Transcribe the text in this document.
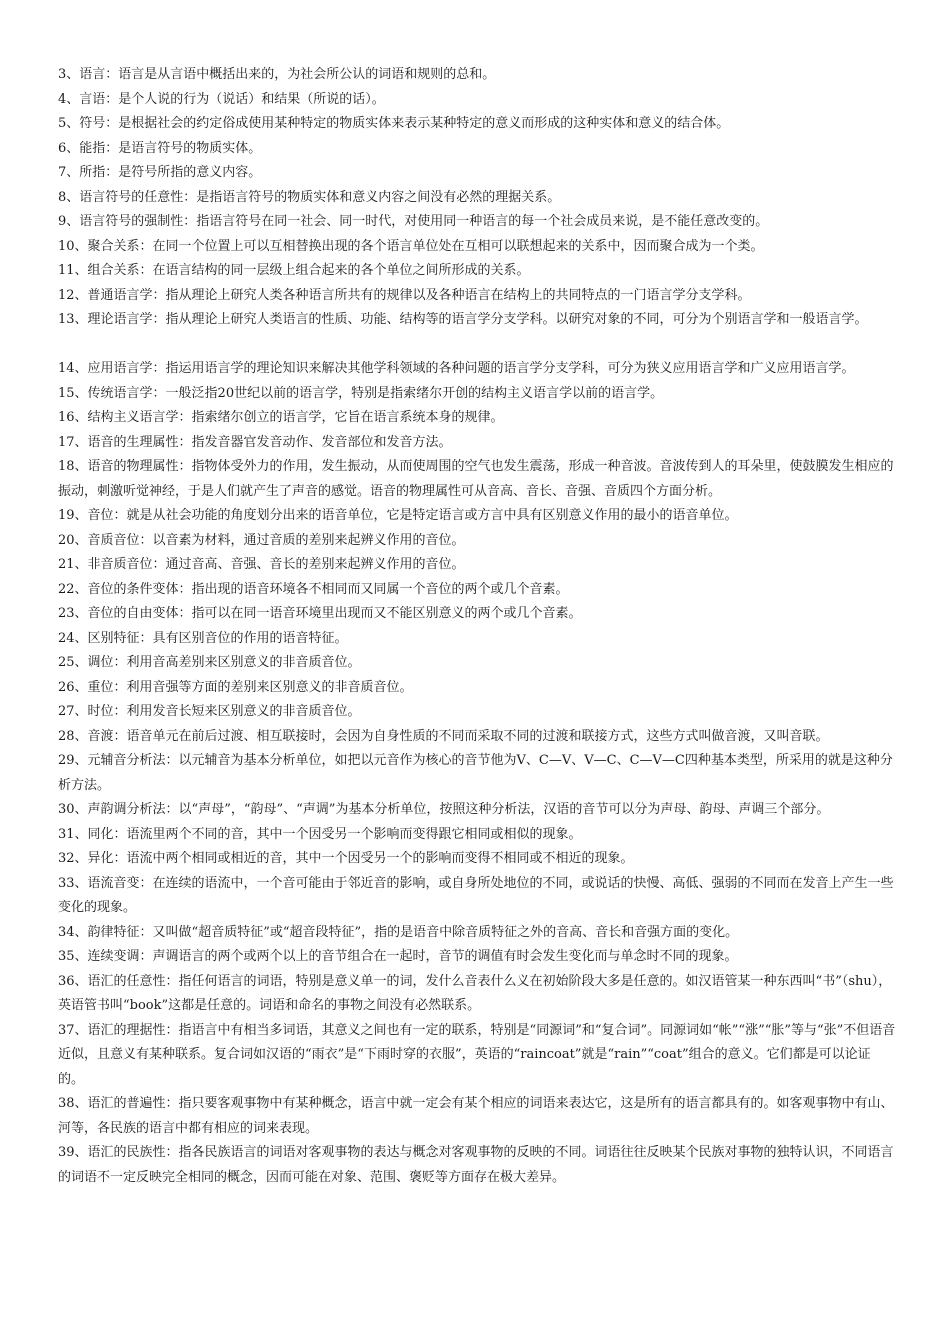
3、语言：语言是从言语中概括出来的，为社会所公认的词语和规则的总和。

4、言语：是个人说的行为（说话）和结果（所说的话）。

5、符号：是根据社会的约定俗成使用某种特定的物质实体来表示某种特定的意义而形成的这种实体和意义的结合体。

6、能指：是语言符号的物质实体。

7、所指：是符号所指的意义内容。

8、语言符号的任意性：是指语言符号的物质实体和意义内容之间没有必然的理据关系。

9、语言符号的强制性：指语言符号在同一社会、同一时代，对使用同一种语言的每一个社会成员来说，是不能任意改变的。

10、聚合关系：在同一个位置上可以互相替换出现的各个语言单位处在互相可以联想起来的关系中，因而聚合成为一个类。

11、组合关系：在语言结构的同一层级上组合起来的各个单位之间所形成的关系。

12、普通语言学：指从理论上研究人类各种语言所共有的规律以及各种语言在结构上的共同特点的一门语言学分支学科。

13、理论语言学：指从理论上研究人类语言的性质、功能、结构等的语言学分支学科。以研究对象的不同，可分为个别语言学和一般语言学。

14、应用语言学：指运用语言学的理论知识来解决其他学科领域的各种问题的语言学分支学科，可分为狭义应用语言学和广义应用语言学。

15、传统语言学：一般泛指20世纪以前的语言学，特别是指索绪尔开创的结构主义语言学以前的语言学。

16、结构主义语言学：指索绪尔创立的语言学，它旨在语言系统本身的规律。

17、语音的生理属性：指发音器官发音动作、发音部位和发音方法。

18、语音的物理属性：指物体受外力的作用，发生振动，从而使周围的空气也发生震荡，形成一种音波。音波传到人的耳朵里，使鼓膜发生相应的振动，刺激听觉神经，于是人们就产生了声音的感觉。语音的物理属性可从音高、音长、音强、音质四个方面分析。

19、音位：就是从社会功能的角度划分出来的语音单位，它是特定语言或方言中具有区别意义作用的最小的语音单位。

20、音质音位：以音素为材料，通过音质的差别来起辨义作用的音位。

21、非音质音位：通过音高、音强、音长的差别来起辨义作用的音位。

22、音位的条件变体：指出现的语音环境各不相同而又同属一个音位的两个或几个音素。

23、音位的自由变体：指可以在同一语音环境里出现而又不能区别意义的两个或几个音素。

24、区别特征：具有区别音位的作用的语音特征。

25、调位：利用音高差别来区别意义的非音质音位。

26、重位：利用音强等方面的差别来区别意义的非音质音位。

27、时位：利用发音长短来区别意义的非音质音位。

28、音渡：语音单元在前后过渡、相互联接时，会因为自身性质的不同而采取不同的过渡和联接方式，这些方式叫做音渡，又叫音联。

29、元辅音分析法：以元辅音为基本分析单位，如把以元音作为核心的音节他为V、C—V、V—C、C—V—C四种基本类型，所采用的就是这种分析方法。

30、声韵调分析法：以“声母”，“韵母”、“声调”为基本分析单位，按照这种分析法，汉语的音节可以分为声母、韵母、声调三个部分。

31、同化：语流里两个不同的音，其中一个因受另一个影响而变得跟它相同或相似的现象。

32、异化：语流中两个相同或相近的音，其中一个因受另一个的影响而变得不相同或不相近的现象。

33、语流音变：在连续的语流中，一个音可能由于邻近音的影响，或自身所处地位的不同，或说话的快慢、高低、强弱的不同而在发音上产生一些变化的现象。

34、韵律特征：又叫做“超音质特征”或“超音段特征”，指的是语音中除音质特征之外的音高、音长和音强方面的变化。

35、连续变调：声调语言的两个或两个以上的音节组合在一起时，音节的调值有时会发生变化而与单念时不同的现象。

36、语汇的任意性：指任何语言的词语，特别是意义单一的词，发什么音表什么义在初始阶段大多是任意的。如汉语管某一种东西叫“书”（shu），英语管书叫“book”这都是任意的。词语和命名的事物之间没有必然联系。

37、语汇的理据性：指语言中有相当多词语，其意义之间也有一定的联系，特别是“同源词”和“复合词”。同源词如“帐”“涨”“胀”等与“张”不但语音近似，且意义有某种联系。复合词如汉语的“雨衣”是“下雨时穿的衣服”，英语的“raincoat”就是“rain”“coat”组合的意义。它们都是可以论证的。

38、语汇的普遍性：指只要客观事物中有某种概念，语言中就一定会有某个相应的词语来表达它，这是所有的语言都具有的。如客观事物中有山、河等，各民族的语言中都有相应的词来表现。

39、语汇的民族性：指各民族语言的词语对客观事物的表达与概念对客观事物的反映的不同。词语往往反映某个民族对事物的独特认识，不同语言的词语不一定反映完全相同的概念，因而可能在对象、范围、褒贬等方面存在极大差异。
